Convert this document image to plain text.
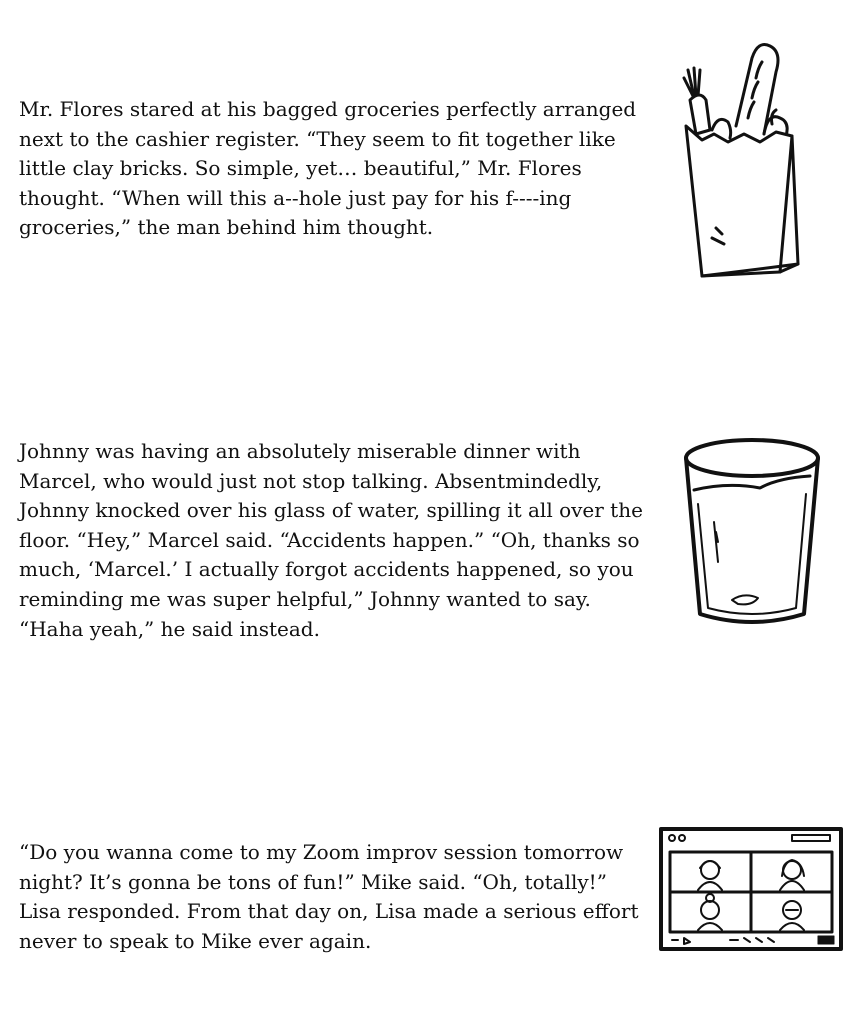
Mr. Flores stared at his bagged groceries perfectly arranged next to the cashier register. “They seem to fit together like little clay bricks. So simple, yet… beautiful,” Mr. Flores thought. “When will this a--hole just pay for his f----ing groceries,” the man behind him thought.

Johnny was having an absolutely miserable dinner with Marcel, who would just not stop talking. Absentmindedly, Johnny knocked over his glass of water, spilling it all over the floor. “Hey,” Marcel said. “Accidents happen.” “Oh, thanks so much, ‘Marcel.’ I actually forgot accidents happened, so you reminding me was super helpful,” Johnny wanted to say. “Haha yeah,” he said instead.

“Do you wanna come to my Zoom improv session tomorrow night? It’s gonna be tons of fun!” Mike said. “Oh, totally!” Lisa responded. From that day on, Lisa made a serious effort never to speak to Mike ever again.
